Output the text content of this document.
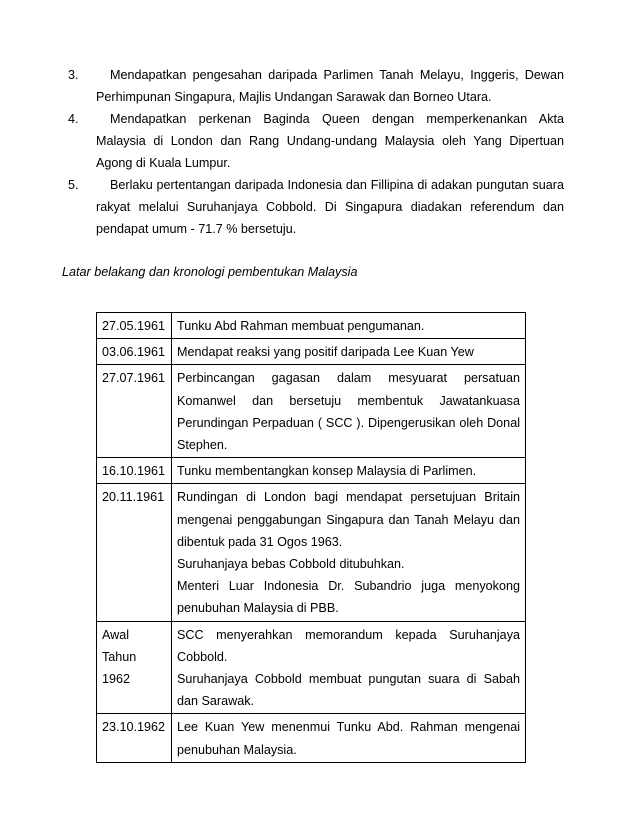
3.	Mendapatkan pengesahan daripada Parlimen Tanah Melayu, Inggeris, Dewan Perhimpunan Singapura, Majlis Undangan Sarawak dan Borneo Utara.
4.	Mendapatkan perkenan Baginda Queen dengan memperkenankan Akta Malaysia di London dan Rang Undang-undang Malaysia oleh Yang Dipertuan Agong di Kuala Lumpur.
5.	Berlaku pertentangan daripada Indonesia dan Fillipina di adakan pungutan suara rakyat melalui Suruhanjaya Cobbold. Di Singapura diadakan referendum dan pendapat umum - 71.7 % bersetuju.
Latar belakang dan kronologi pembentukan Malaysia
27.05.1961	Tunku Abd Rahman membuat pengumanan.

03.06.1961	Mendapat reaksi yang positif daripada Lee Kuan Yew

27.07.1961	Perbincangan gagasan dalam mesyuarat persatuan Komanwel dan bersetuju membentuk Jawatankuasa Perundingan Perpaduan ( SCC ). Dipengerusikan oleh Donal Stephen.

16.10.1961	Tunku membentangkan konsep Malaysia di Parlimen.

20.11.1961	Rundingan di London bagi mendapat persetujuan Britain mengenai penggabungan Singapura dan Tanah Melayu dan dibentuk pada 31 Ogos 1963.
Suruhanjaya bebas Cobbold ditubuhkan.
Menteri Luar Indonesia Dr. Subandrio juga menyokong penubuhan Malaysia di PBB.

Awal
Tahun
1962	SCC menyerahkan memorandum kepada Suruhanjaya Cobbold.
Suruhanjaya Cobbold membuat pungutan suara di Sabah dan Sarawak.

23.10.1962	Lee Kuan Yew menenmui Tunku Abd. Rahman mengenai penubuhan Malaysia.
